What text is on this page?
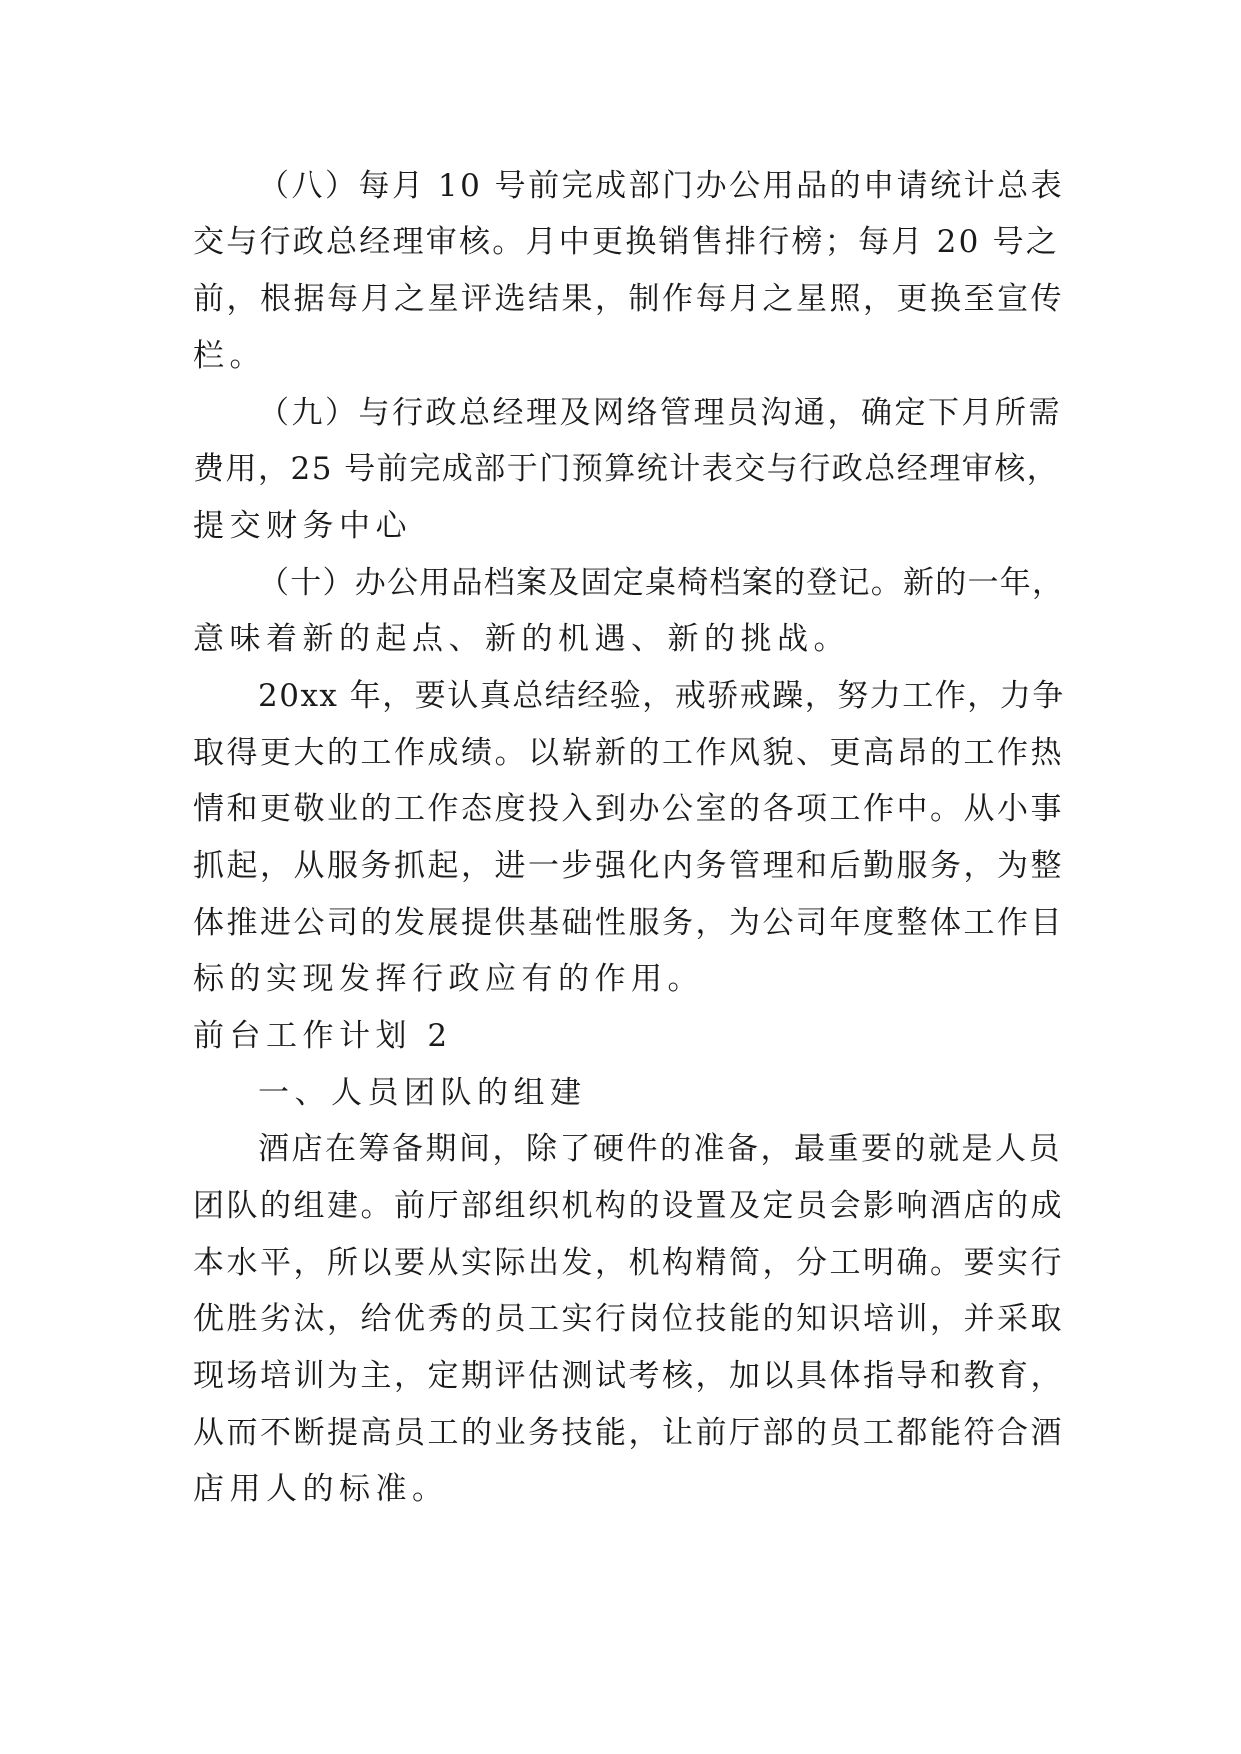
（八）每月 10 号前完成部门办公用品的申请统计总表
交与行政总经理审核。月中更换销售排行榜；每月 20 号之
前，根据每月之星评选结果，制作每月之星照，更换至宣传
栏。
（九）与行政总经理及网络管理员沟通，确定下月所需
费用，25 号前完成部于门预算统计表交与行政总经理审核，
提交财务中心
（十）办公用品档案及固定桌椅档案的登记。新的一年，
意味着新的起点、新的机遇、新的挑战。
20xx 年，要认真总结经验，戒骄戒躁，努力工作，力争
取得更大的工作成绩。以崭新的工作风貌、更高昂的工作热
情和更敬业的工作态度投入到办公室的各项工作中。从小事
抓起，从服务抓起，进一步强化内务管理和后勤服务，为整
体推进公司的发展提供基础性服务，为公司年度整体工作目
标的实现发挥行政应有的作用。
前台工作计划 2
一、人员团队的组建
酒店在筹备期间，除了硬件的准备，最重要的就是人员
团队的组建。前厅部组织机构的设置及定员会影响酒店的成
本水平，所以要从实际出发，机构精简，分工明确。要实行
优胜劣汰，给优秀的员工实行岗位技能的知识培训，并采取
现场培训为主，定期评估测试考核，加以具体指导和教育，
从而不断提高员工的业务技能，让前厅部的员工都能符合酒
店用人的标准。
